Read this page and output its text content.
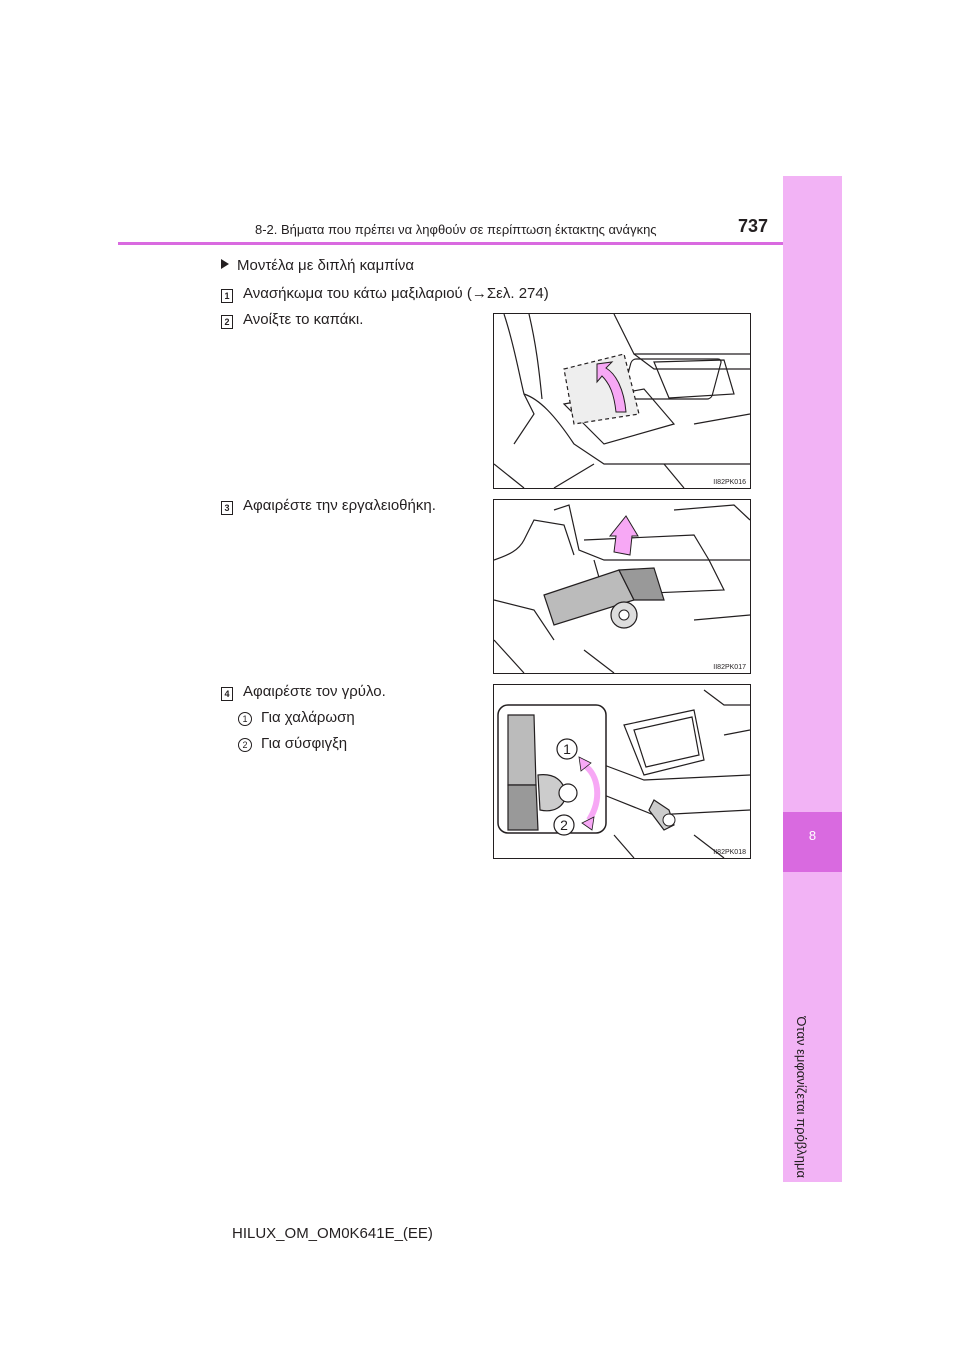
8
Όταν εμφανίζεται πρόβλημα
8-2. Βήματα που πρέπει να ληφθούν σε περίπτωση έκτακτης ανάγκης	737
Μοντέλα με διπλή καμπίνα
1 Ανασήκωμα του κάτω μαξιλαριού (→Σελ. 274)
2 Ανοίξτε το καπάκι.
II82PK016
3 Αφαιρέστε την εργαλειοθήκη.
II82PK017
4 Αφαιρέστε τον γρύλο.
1 Για χαλάρωση
2 Για σύσφιγξη	1
2
II82PK018
HILUX_OM_OM0K641E_(EE)
